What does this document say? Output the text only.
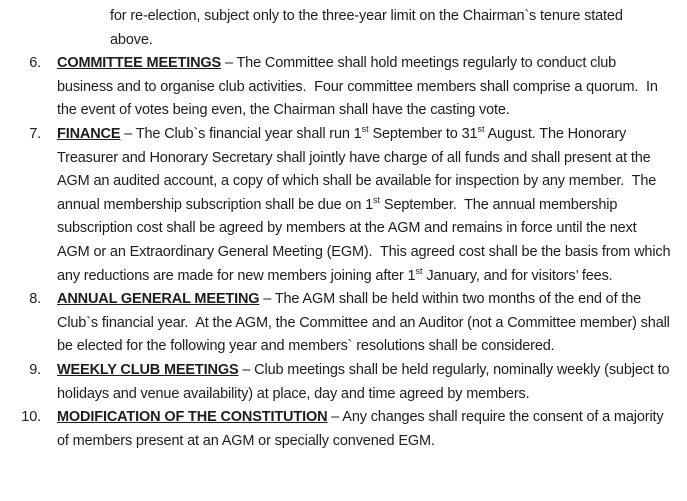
for re-election, subject only to the three-year limit on the Chairman`s tenure stated
above.
6. COMMITTEE MEETINGS – The Committee shall hold meetings regularly to conduct club business and to organise club activities.  Four committee members shall comprise a quorum.  In the event of votes being even, the Chairman shall have the casting vote.
7. FINANCE – The Club`s financial year shall run 1st September to 31st August. The Honorary Treasurer and Honorary Secretary shall jointly have charge of all funds and shall present at the AGM an audited account, a copy of which shall be available for inspection by any member.  The annual membership subscription shall be due on 1st September.  The annual membership subscription cost shall be agreed by members at the AGM and remains in force until the next AGM or an Extraordinary General Meeting (EGM).  This agreed cost shall be the basis from which any reductions are made for new members joining after 1st January, and for visitors’ fees.
8. ANNUAL GENERAL MEETING – The AGM shall be held within two months of the end of the Club`s financial year.  At the AGM, the Committee and an Auditor (not a Committee member) shall be elected for the following year and members` resolutions shall be considered.
9. WEEKLY CLUB MEETINGS – Club meetings shall be held regularly, nominally weekly (subject to holidays and venue availability) at place, day and time agreed by members.
10. MODIFICATION OF THE CONSTITUTION – Any changes shall require the consent of a majority of members present at an AGM or specially convened EGM.
